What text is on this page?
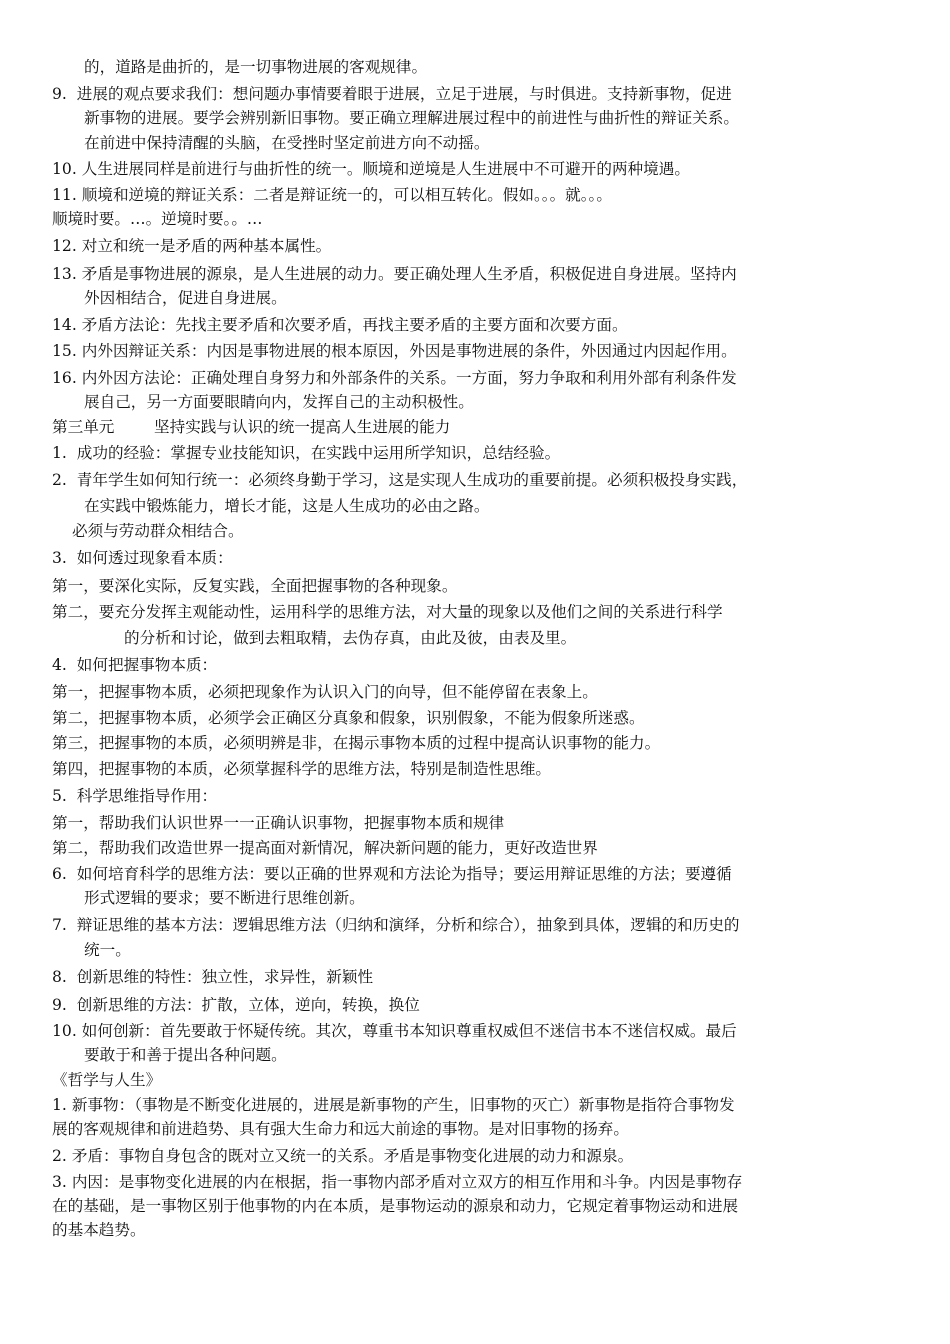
的，道路是曲折的，是一切事物进展的客观规律。

9.  进展的观点要求我们：想问题办事情要着眼于进展，立足于进展，与时俱进。支持新事物，促进

新事物的进展。要学会辨别新旧事物。要正确立理解进展过程中的前进性与曲折性的辩证关系。

在前进中保持清醒的头脑，在受挫时坚定前进方向不动摇。

10. 人生进展同样是前进行与曲折性的统一。顺境和逆境是人生进展中不可避开的两种境遇。

11. 顺境和逆境的辩证关系：二者是辩证统一的，可以相互转化。假如。。。就。。。

顺境时要。…。逆境时要。。…

12. 对立和统一是矛盾的两种基本属性。

13. 矛盾是事物进展的源泉，是人生进展的动力。要正确处理人生矛盾，积极促进自身进展。坚持内

外因相结合，促进自身进展。

14. 矛盾方法论：先找主要矛盾和次要矛盾，再找主要矛盾的主要方面和次要方面。

15. 内外因辩证关系：内因是事物进展的根本原因，外因是事物进展的条件，外因通过内因起作用。

16. 内外因方法论：正确处理自身努力和外部条件的关系。一方面，努力争取和利用外部有利条件发

展自己，另一方面要眼睛向内，发挥自己的主动积极性。

第三单元        坚持实践与认识的统一提高人生进展的能力

1.  成功的经验：掌握专业技能知识，在实践中运用所学知识，总结经验。

2.  青年学生如何知行统一：必须终身勤于学习，这是实现人生成功的重要前提。必须积极投身实践，

在实践中锻炼能力，增长才能，这是人生成功的必由之路。

必须与劳动群众相结合。

3.  如何透过现象看本质：

第一，要深化实际，反复实践，全面把握事物的各种现象。

第二，要充分发挥主观能动性，运用科学的思维方法，对大量的现象以及他们之间的关系进行科学

的分析和讨论，做到去粗取精，去伪存真，由此及彼，由表及里。

4.  如何把握事物本质：

第一，把握事物本质，必须把现象作为认识入门的向导，但不能停留在表象上。

第二，把握事物本质，必须学会正确区分真象和假象，识别假象，不能为假象所迷惑。

第三，把握事物的本质，必须明辨是非，在揭示事物本质的过程中提高认识事物的能力。

第四，把握事物的本质，必须掌握科学的思维方法，特别是制造性思维。

5.  科学思维指导作用：

第一，帮助我们认识世界一一正确认识事物，把握事物本质和规律

第二，帮助我们改造世界一提高面对新情况，解决新问题的能力，更好改造世界

6.  如何培育科学的思维方法：要以正确的世界观和方法论为指导；要运用辩证思维的方法；要遵循

形式逻辑的要求；要不断进行思维创新。

7.  辩证思维的基本方法：逻辑思维方法（归纳和演绎，分析和综合），抽象到具体，逻辑的和历史的

统一。

8.  创新思维的特性：独立性，求异性，新颖性

9.  创新思维的方法：扩散，立体，逆向，转换，换位

10. 如何创新：首先要敢于怀疑传统。其次，尊重书本知识尊重权威但不迷信书本不迷信权威。最后

要敢于和善于提出各种问题。

《哲学与人生》

1. 新事物：（事物是不断变化进展的，进展是新事物的产生，旧事物的灭亡）新事物是指符合事物发

展的客观规律和前进趋势、具有强大生命力和远大前途的事物。是对旧事物的扬弃。

2. 矛盾：事物自身包含的既对立又统一的关系。矛盾是事物变化进展的动力和源泉。

3. 内因：是事物变化进展的内在根据，指一事物内部矛盾对立双方的相互作用和斗争。内因是事物存

在的基础，是一事物区别于他事物的内在本质，是事物运动的源泉和动力，它规定着事物运动和进展

的基本趋势。
